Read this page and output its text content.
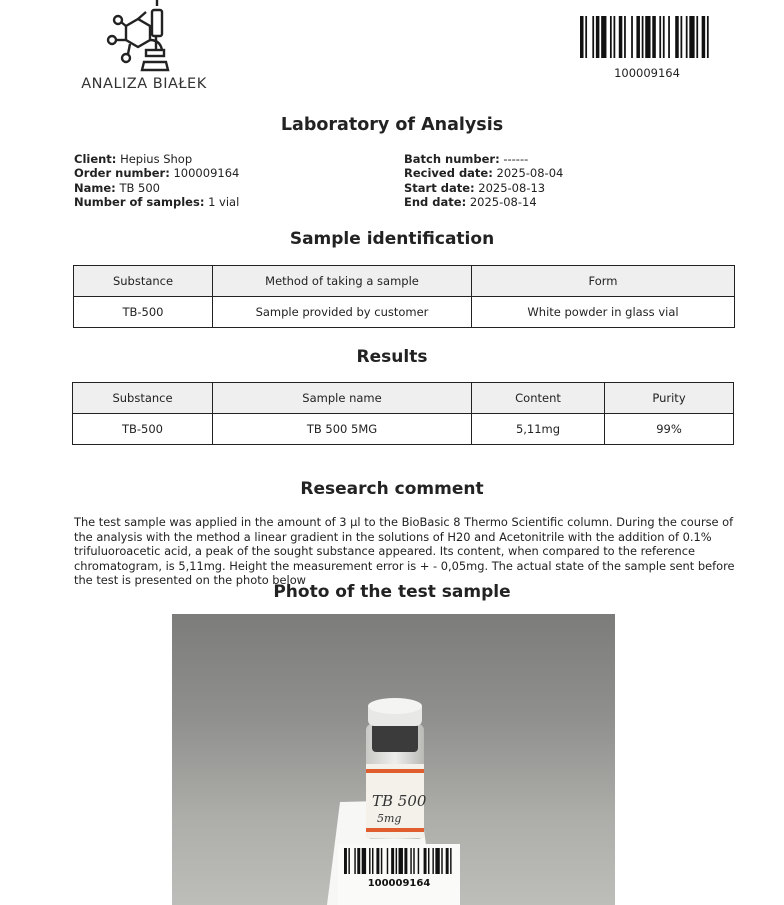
ANALIZA BIAŁEK
100009164
Laboratory of Analysis
Client: Hepius Shop
Order number: 100009164
Name: TB 500
Number of samples: 1 vial
Batch number: ------
Recived date: 2025-08-04
Start date: 2025-08-13
End date: 2025-08-14
Sample identification
Substance	Method of taking a sample	Form
TB-500	Sample provided by customer	White powder in glass vial
Results
Substance	Sample name	Content	Purity
TB-500	TB 500 5MG	5,11mg	99%
Research comment
The test sample was applied in the amount of 3 µl to the BioBasic 8 Thermo Scientific column. During the course of the analysis with the method a linear gradient in the solutions of H20 and Acetonitrile with the addition of 0.1% trifuluoroacetic acid, a peak of the sought substance appeared. Its content, when compared to the reference chromatogram, is 5,11mg. Height the measurement error is + - 0,05mg. The actual state of the sample sent before the test is presented on the photo below
Photo of the test sample
TB 500
5mg
100009164
